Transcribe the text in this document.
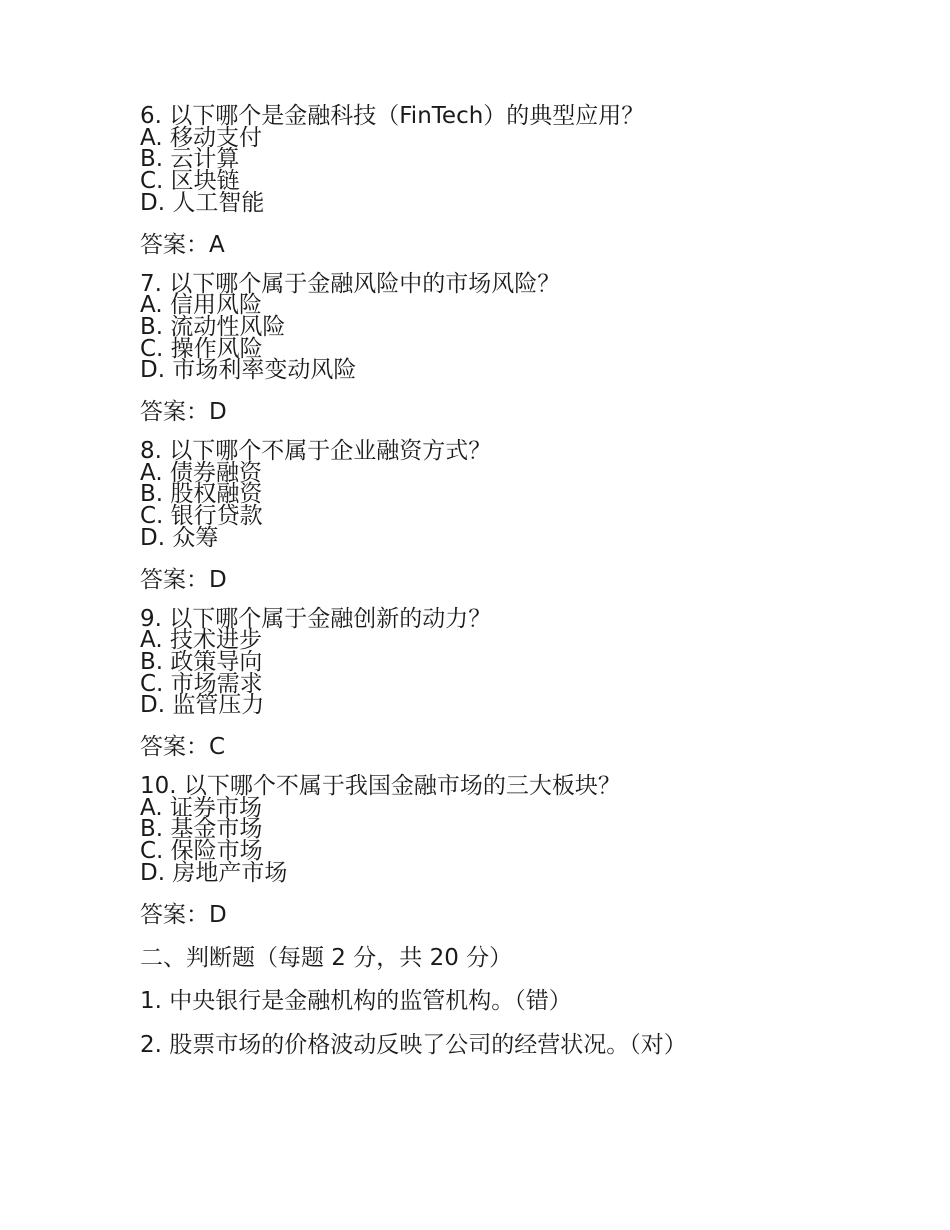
6. 以下哪个是金融科技（FinTech）的典型应用？
A. 移动支付
B. 云计算
C. 区块链
D. 人工智能
答案：A
7. 以下哪个属于金融风险中的市场风险？
A. 信用风险
B. 流动性风险
C. 操作风险
D. 市场利率变动风险
答案：D
8. 以下哪个不属于企业融资方式？
A. 债券融资
B. 股权融资
C. 银行贷款
D. 众筹
答案：D
9. 以下哪个属于金融创新的动力？
A. 技术进步
B. 政策导向
C. 市场需求
D. 监管压力
答案：C
10. 以下哪个不属于我国金融市场的三大板块？
A. 证券市场
B. 基金市场
C. 保险市场
D. 房地产市场
答案：D
二、判断题（每题 2 分，共 20 分）
1. 中央银行是金融机构的监管机构。（错）
2. 股票市场的价格波动反映了公司的经营状况。（对）
